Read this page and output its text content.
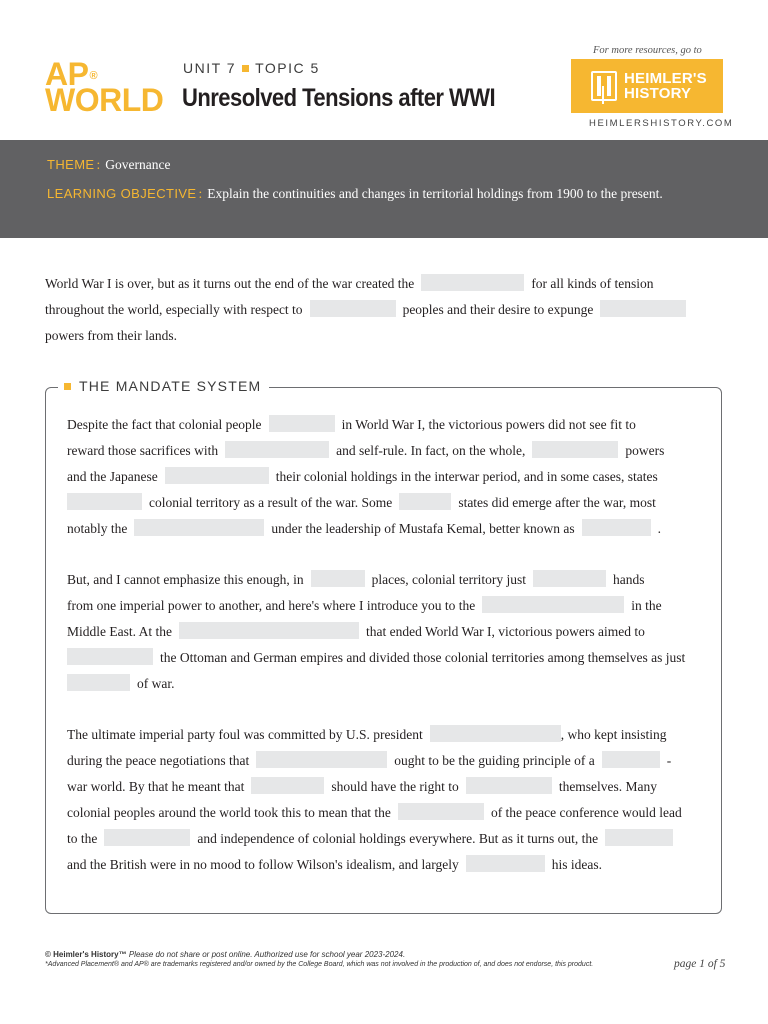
AP®
WORLD
UNIT 7 TOPIC 5
Unresolved Tensions after WWI
For more resources, go to
HEIMLER'S
HISTORY
HEIMLERSHISTORY.COM
THEME : Governance
LEARNING OBJECTIVE : Explain the continuities and changes in territorial holdings from 1900 to the present.
World War I is over, but as it turns out the end of the war created the	for all kinds of tension
throughout the world, especially with respect to	peoples and their desire to expunge
powers from their lands.
THE MANDATE SYSTEM
Despite the fact that colonial people	in World War I, the victorious powers did not see fit to
reward those sacrifices with	and self-rule. In fact, on the whole,	powers
and the Japanese	their colonial holdings in the interwar period, and in some cases, states
colonial territory as a result of the war. Some	states did emerge after the war, most
notably the	under the leadership of Mustafa Kemal, better known as	.
But, and I cannot emphasize this enough, in	places, colonial territory just	hands
from one imperial power to another, and here's where I introduce you to the	in the
Middle East. At the	that ended World War I, victorious powers aimed to
the Ottoman and German empires and divided those colonial territories among themselves as just
of war.
The ultimate imperial party foul was committed by U.S. president	, who kept insisting
during the peace negotiations that	ought to be the guiding principle of a	-
war world. By that he meant that	should have the right to	themselves. Many
colonial peoples around the world took this to mean that the	of the peace conference would lead
to the	and independence of colonial holdings everywhere. But as it turns out, the
and the British were in no mood to follow Wilson's idealism, and largely	his ideas.
© Heimler's History™ Please do not share or post online. Authorized use for school year 2023-2024.
*Advanced Placement® and AP® are trademarks registered and/or owned by the College Board, which was not involved in the production of, and does not endorse, this product.	page 1 of 5
